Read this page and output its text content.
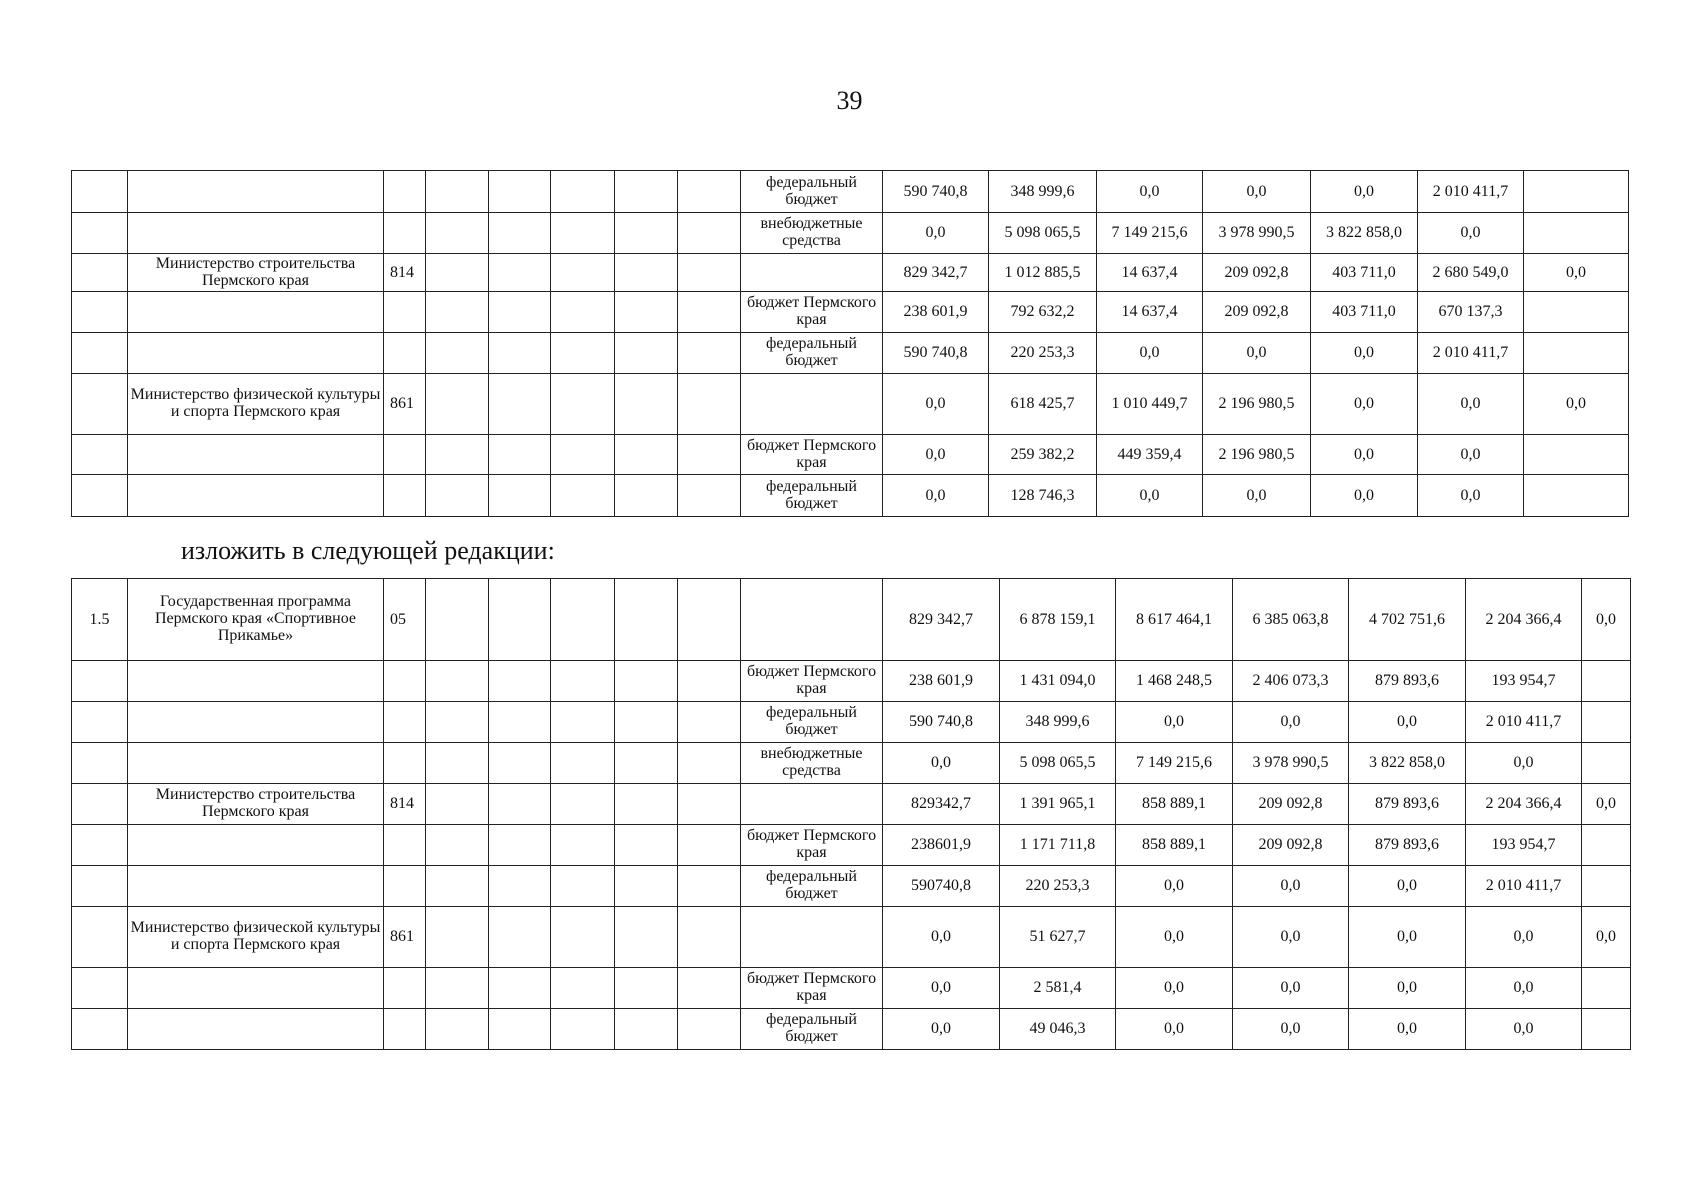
39
								федеральный бюджет	590 740,8	348 999,6	0,0	0,0	0,0	2 010 411,7	
								внебюджетные средства	0,0	5 098 065,5	7 149 215,6	3 978 990,5	3 822 858,0	0,0	
	Министерство строительства Пермского края	814							829 342,7	1 012 885,5	14 637,4	209 092,8	403 711,0	2 680 549,0	0,0
								бюджет Пермского края	238 601,9	792 632,2	14 637,4	209 092,8	403 711,0	670 137,3	
								федеральный бюджет	590 740,8	220 253,3	0,0	0,0	0,0	2 010 411,7	
	Министерство физической культуры и спорта Пермского края	861							0,0	618 425,7	1 010 449,7	2 196 980,5	0,0	0,0	0,0
								бюджет Пермского края	0,0	259 382,2	449 359,4	2 196 980,5	0,0	0,0	
								федеральный бюджет	0,0	128 746,3	0,0	0,0	0,0	0,0	
изложить в следующей редакции:
1.5	Государственная программа Пермского края «Спортивное Прикамье»	05							829 342,7	6 878 159,1	8 617 464,1	6 385 063,8	4 702 751,6	2 204 366,4	0,0
								бюджет Пермского края	238 601,9	1 431 094,0	1 468 248,5	2 406 073,3	879 893,6	193 954,7	
								федеральный бюджет	590 740,8	348 999,6	0,0	0,0	0,0	2 010 411,7	
								внебюджетные средства	0,0	5 098 065,5	7 149 215,6	3 978 990,5	3 822 858,0	0,0	
	Министерство строительства Пермского края	814							829342,7	1 391 965,1	858 889,1	209 092,8	879 893,6	2 204 366,4	0,0
								бюджет Пермского края	238601,9	1 171 711,8	858 889,1	209 092,8	879 893,6	193 954,7	
								федеральный бюджет	590740,8	220 253,3	0,0	0,0	0,0	2 010 411,7	
	Министерство физической культуры и спорта Пермского края	861							0,0	51 627,7	0,0	0,0	0,0	0,0	0,0
								бюджет Пермского края	0,0	2 581,4	0,0	0,0	0,0	0,0	
								федеральный бюджет	0,0	49 046,3	0,0	0,0	0,0	0,0	
